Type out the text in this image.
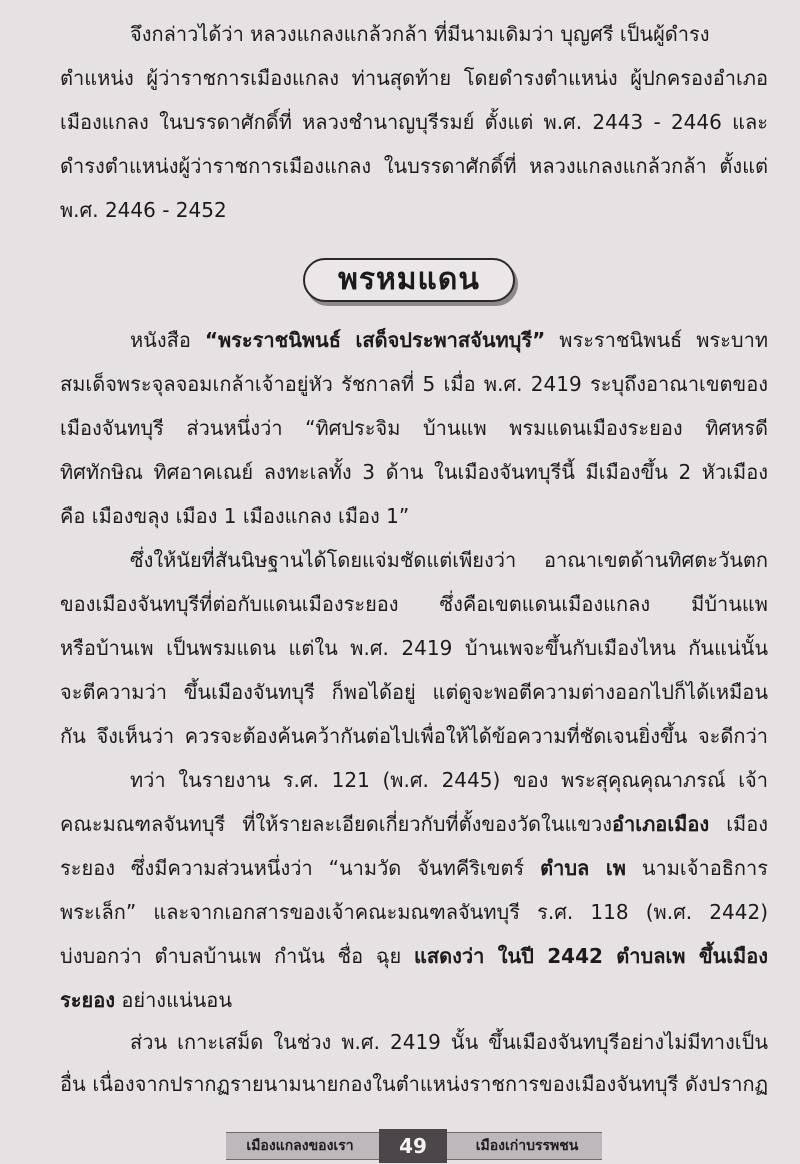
จึงกล่าวได้ว่า หลวงแกลงแกล้วกล้า ที่มีนามเดิมว่า บุญศรี เป็นผู้ดำรง
ตำแหน่ง ผู้ว่าราชการเมืองแกลง ท่านสุดท้าย โดยดำรงตำแหน่ง ผู้ปกครองอำเภอ
เมืองแกลง ในบรรดาศักดิ์ที่ หลวงชำนาญบุรีรมย์ ตั้งแต่ พ.ศ. 2443 - 2446 และ
ดำรงตำแหน่งผู้ว่าราชการเมืองแกลง ในบรรดาศักดิ์ที่ หลวงแกลงแกล้วกล้า ตั้งแต่
พ.ศ. 2446 - 2452
พรหมแดน
หนังสือ “พระราชนิพนธ์ เสด็จประพาสจันทบุรี” พระราชนิพนธ์ พระบาท
สมเด็จพระจุลจอมเกล้าเจ้าอยู่หัว รัชกาลที่ 5 เมื่อ พ.ศ. 2419 ระบุถึงอาณาเขตของ
เมืองจันทบุรี ส่วนหนึ่งว่า “ทิศประจิม บ้านแพ พรมแดนเมืองระยอง ทิศหรดี
ทิศทักษิณ ทิศอาคเณย์ ลงทะเลทั้ง 3 ด้าน ในเมืองจันทบุรีนี้ มีเมืองขึ้น 2 หัวเมือง
คือ เมืองขลุง เมือง 1 เมืองแกลง เมือง 1”
ซึ่งให้นัยที่สันนิษฐานได้โดยแจ่มชัดแต่เพียงว่า อาณาเขตด้านทิศตะวันตก
ของเมืองจันทบุรีที่ต่อกับแดนเมืองระยอง ซึ่งคือเขตแดนเมืองแกลง มีบ้านแพ
หรือบ้านเพ เป็นพรมแดน แต่ใน พ.ศ. 2419 บ้านเพจะขึ้นกับเมืองไหน กันแน่นั้น
จะตีความว่า ขึ้นเมืองจันทบุรี ก็พอได้อยู่ แต่ดูจะพอตีความต่างออกไปก็ได้เหมือน
กัน จึงเห็นว่า ควรจะต้องค้นคว้ากันต่อไปเพื่อให้ได้ข้อความที่ชัดเจนยิ่งขึ้น จะดีกว่า
ทว่า ในรายงาน ร.ศ. 121 (พ.ศ. 2445) ของ พระสุคุณคุณาภรณ์ เจ้า
คณะมณฑลจันทบุรี ที่ให้รายละเอียดเกี่ยวกับที่ตั้งของวัดในแขวงอำเภอเมือง เมือง
ระยอง ซึ่งมีความส่วนหนึ่งว่า “นามวัด จันทคีริเขตร์ ตำบล เพ นามเจ้าอธิการ
พระเล็ก” และจากเอกสารของเจ้าคณะมณฑลจันทบุรี ร.ศ. 118 (พ.ศ. 2442)
บ่งบอกว่า ตำบลบ้านเพ กำนัน ชื่อ ฉุย แสดงว่า ในปี 2442 ตำบลเพ ขึ้นเมือง
ระยอง อย่างแน่นอน
ส่วน เกาะเสม็ด ในช่วง พ.ศ. 2419 นั้น ขึ้นเมืองจันทบุรีอย่างไม่มีทางเป็น
อื่น เนื่องจากปรากฏรายนามนายกองในตำแหน่งราชการของเมืองจันทบุรี ดังปรากฏ
เมืองแกลงของเรา	49	เมืองเก่าบรรพชน
